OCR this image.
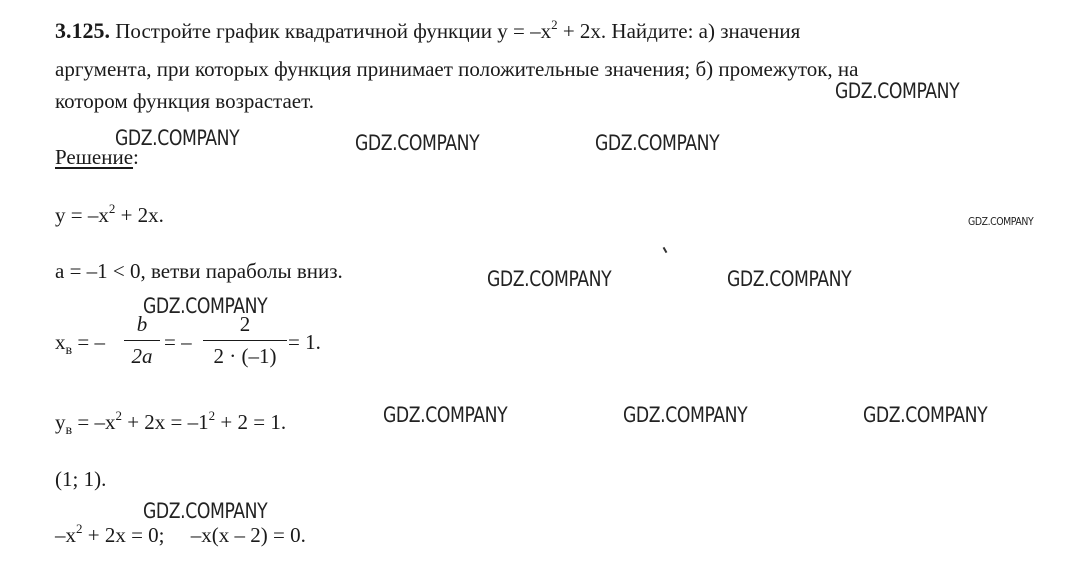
3.125. Постройте график квадратичной функции $y = -x^2 + 2x$. Найдите: а) значения
аргумента, при которых функция принимает положительные значения; б) промежуток, на
котором функция возрастает.
Решение:
$y = -x^2 + 2x$.
a = –1 < 0, ветви параболы вниз.
$x_в$ = –
b
2a
= –
2
2 · (–1)
= 1.
$y_в = -x^2 + 2x = -1^2 + 2 = 1$.
(1; 1).
$-x^2 + 2x = 0$;     –x(x – 2) = 0.
GDZ.COMPANY
GDZ.COMPANY	GDZ.COMPANY	GDZ.COMPANY
GDZ.COMPANY
GDZ.COMPANY	GDZ.COMPANY
GDZ.COMPANY
GDZ.COMPANY	GDZ.COMPANY	GDZ.COMPANY
GDZ.COMPANY
